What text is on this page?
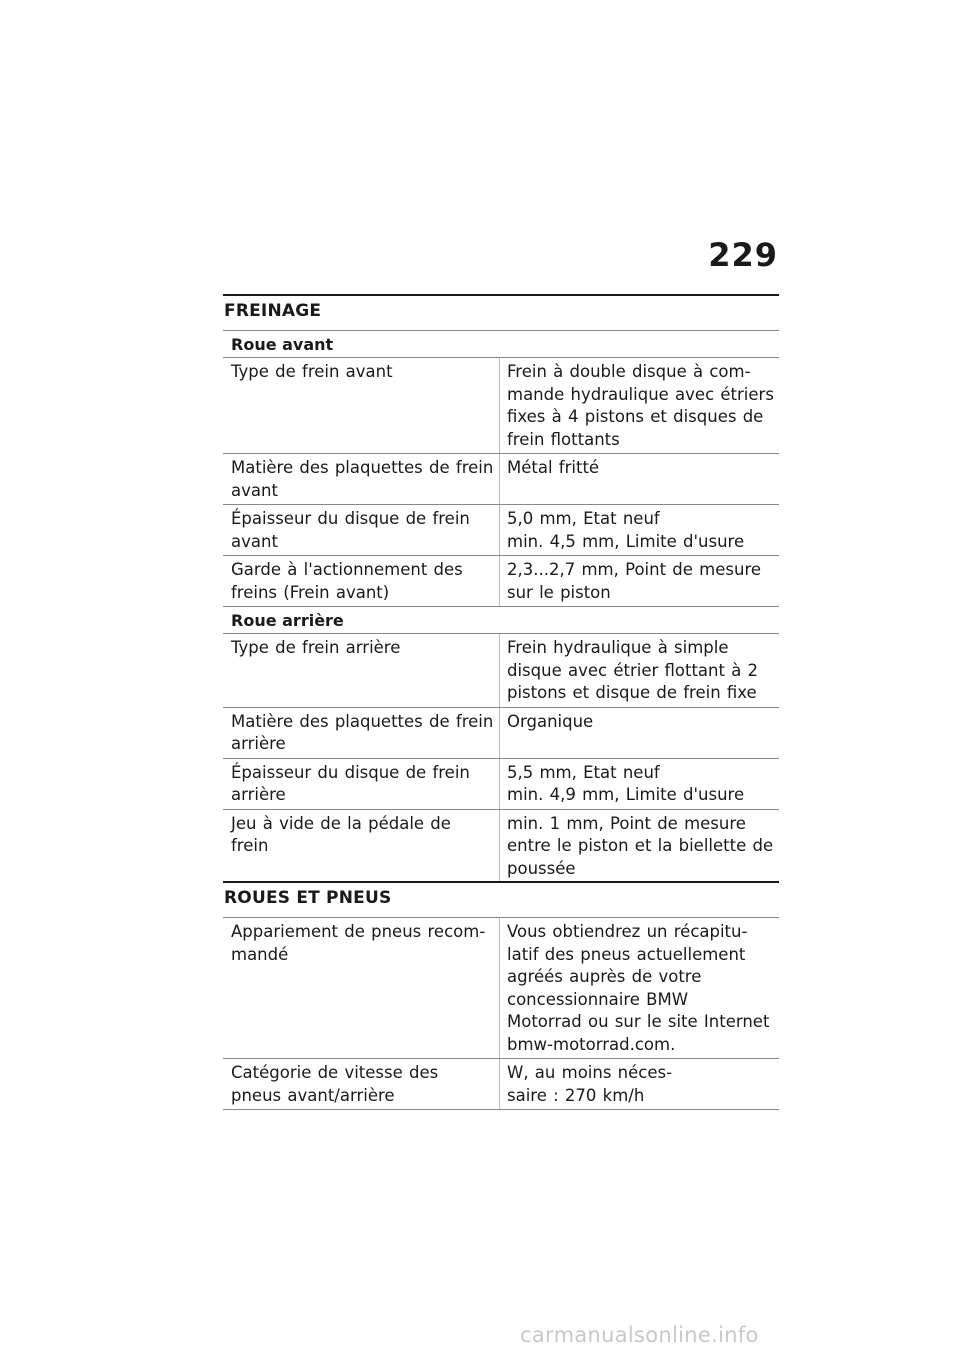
229
FREINAGE
Roue avant
Type de frein avant	Frein à double disque à com-
mande hydraulique avec étriers
fixes à 4 pistons et disques de
frein flottants
Matière des plaquettes de frein
avant
Métal fritté
Épaisseur du disque de frein
avant
5,0 mm, Etat neuf
min. 4,5 mm, Limite d'usure
Garde à l'actionnement des
freins (Frein avant)
2,3...2,7 mm, Point de mesure
sur le piston
Roue arrière
Type de frein arrière	Frein hydraulique à simple
disque avec étrier flottant à 2
pistons et disque de frein fixe
Matière des plaquettes de frein
arrière
Organique
Épaisseur du disque de frein
arrière
5,5 mm, Etat neuf
min. 4,9 mm, Limite d'usure
Jeu à vide de la pédale de
frein
min. 1 mm, Point de mesure
entre le piston et la biellette de
poussée
ROUES ET PNEUS
Appariement de pneus recom-
mandé
Vous obtiendrez un récapitu-
latif des pneus actuellement
agréés auprès de votre
concessionnaire BMW
Motorrad ou sur le site Internet
bmw-motorrad.com.
Catégorie de vitesse des
pneus avant/arrière
W, au moins néces-
saire : 270 km/h
carmanualsonline.info
